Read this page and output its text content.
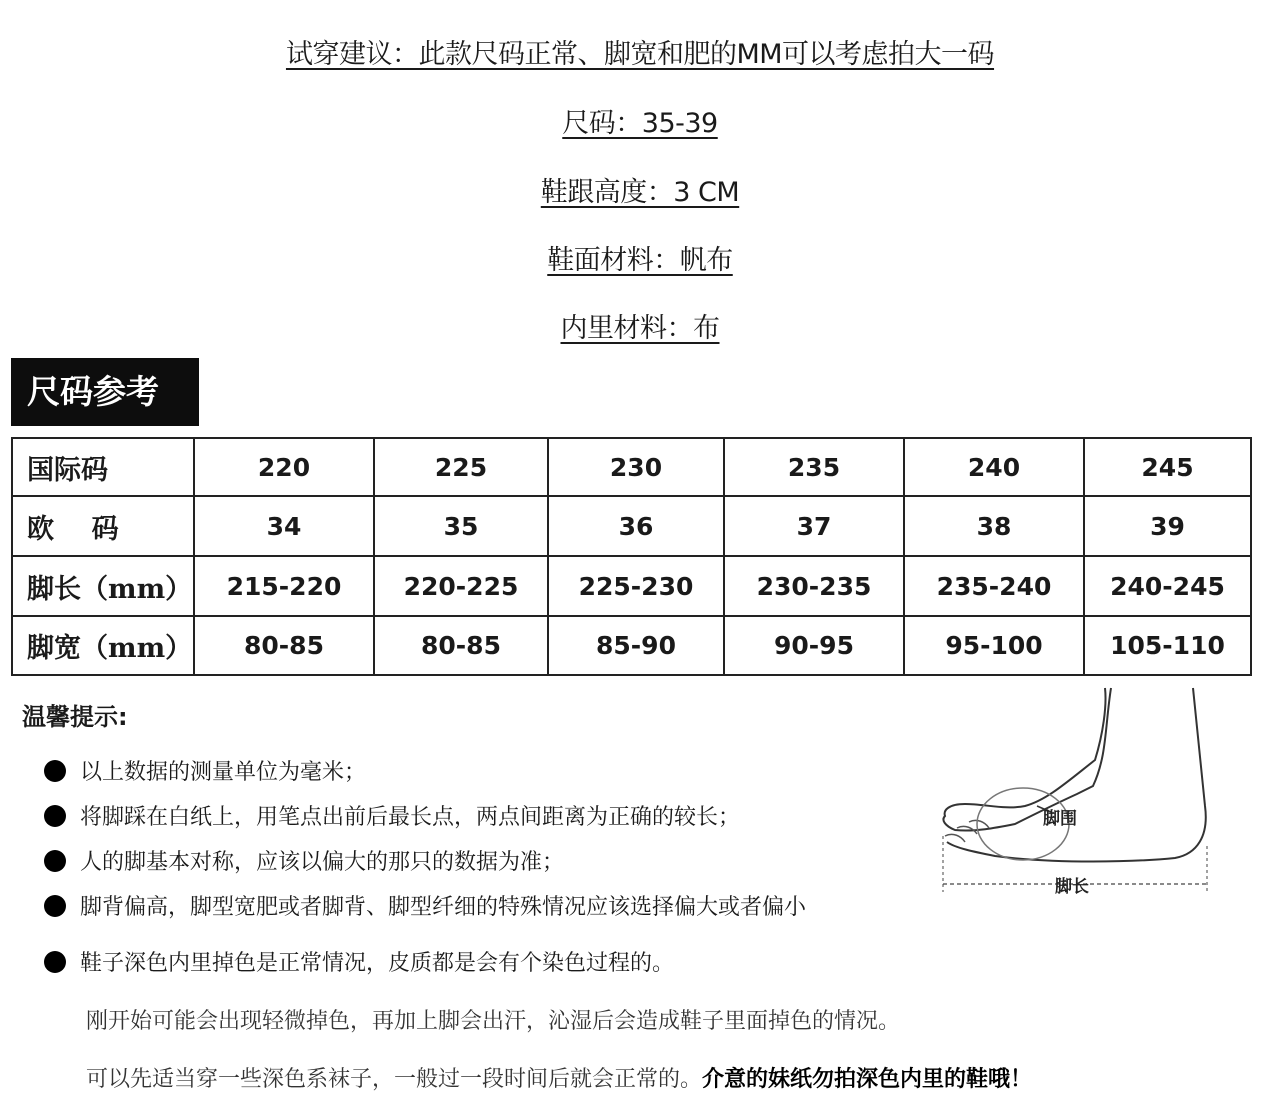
试穿建议：此款尺码正常、脚宽和肥的MM可以考虑拍大一码
尺码：35-39
鞋跟高度：3 CM
鞋面材料：帆布
内里材料：布
尺码参考
国际码	220	225	230	235	240	245
欧    码	34	35	36	37	38	39
脚长（mm）	215-220	220-225	225-230	230-235	235-240	240-245
脚宽（mm）	80-85	80-85	85-90	90-95	95-100	105-110
温馨提示:
以上数据的测量单位为毫米；
将脚踩在白纸上，用笔点出前后最长点，两点间距离为正确的较长；
人的脚基本对称，应该以偏大的那只的数据为准；
脚背偏高，脚型宽肥或者脚背、脚型纤细的特殊情况应该选择偏大或者偏小
鞋子深色内里掉色是正常情况，皮质都是会有个染色过程的。
刚开始可能会出现轻微掉色，再加上脚会出汗，沁湿后会造成鞋子里面掉色的情况。
可以先适当穿一些深色系袜子，一般过一段时间后就会正常的。介意的妹纸勿拍深色内里的鞋哦！
脚围
脚长
